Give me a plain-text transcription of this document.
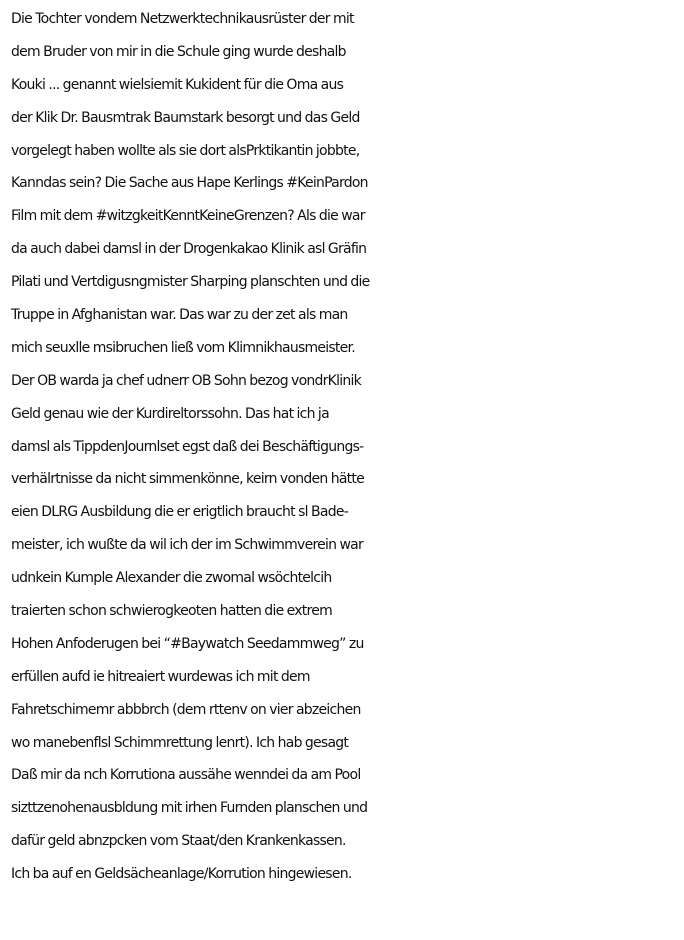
Die Tochter vondem Netzwerktechnikausrüster der mit
dem Bruder von mir in die Schule ging wurde deshalb
Kouki ... genannt wielsiemit Kukident für die Oma aus
der Klik Dr. Bausmtrak Baumstark besorgt und das Geld
vorgelegt haben wollte als sie dort alsPrktikantin jobbte,
Kanndas sein? Die Sache aus Hape Kerlings #KeinPardon
Film mit dem #witzgkeitKenntKeineGrenzen? Als die war
da auch dabei damsl in der Drogenkakao Klinik asl Gräfin
Pilati und Vertdigusngmister Sharping planschten und die
Truppe in Afghanistan war. Das war zu der zet als man
mich seuxlle msibruchen ließ vom Klimnikhausmeister.
Der OB warda ja chef udnerr OB Sohn bezog vondrKlinik
Geld genau wie der Kurdireltorssohn. Das hat ich ja
damsl als TippdenJournlset egst daß dei Beschäftigungs-
verhälrtnisse da nicht simmenkönne, keirn vonden hätte
eien DLRG Ausbildung die er erigtlich braucht sl Bade-
meister, ich wußte da wil ich der im Schwimmverein war
udnkein Kumple Alexander die zwomal wsöchtelcih
traierten schon schwierogkeoten hatten die extrem
Hohen Anfoderugen bei “#Baywatch Seedammweg” zu
erfüllen aufd ie hitreaiert wurdewas ich mit dem
Fahretschimemr abbbrch (dem rttenv on vier abzeichen
wo manebenflsl Schimmrettung lenrt). Ich hab gesagt
Daß mir da nch Korrutiona aussähe wenndei da am Pool
sizttzenohenausbldung mit irhen Furnden planschen und
dafür geld abnzpcken vom Staat/den Krankenkassen.
Ich ba auf en Geldsächeanlage/Korrution hingewiesen.
